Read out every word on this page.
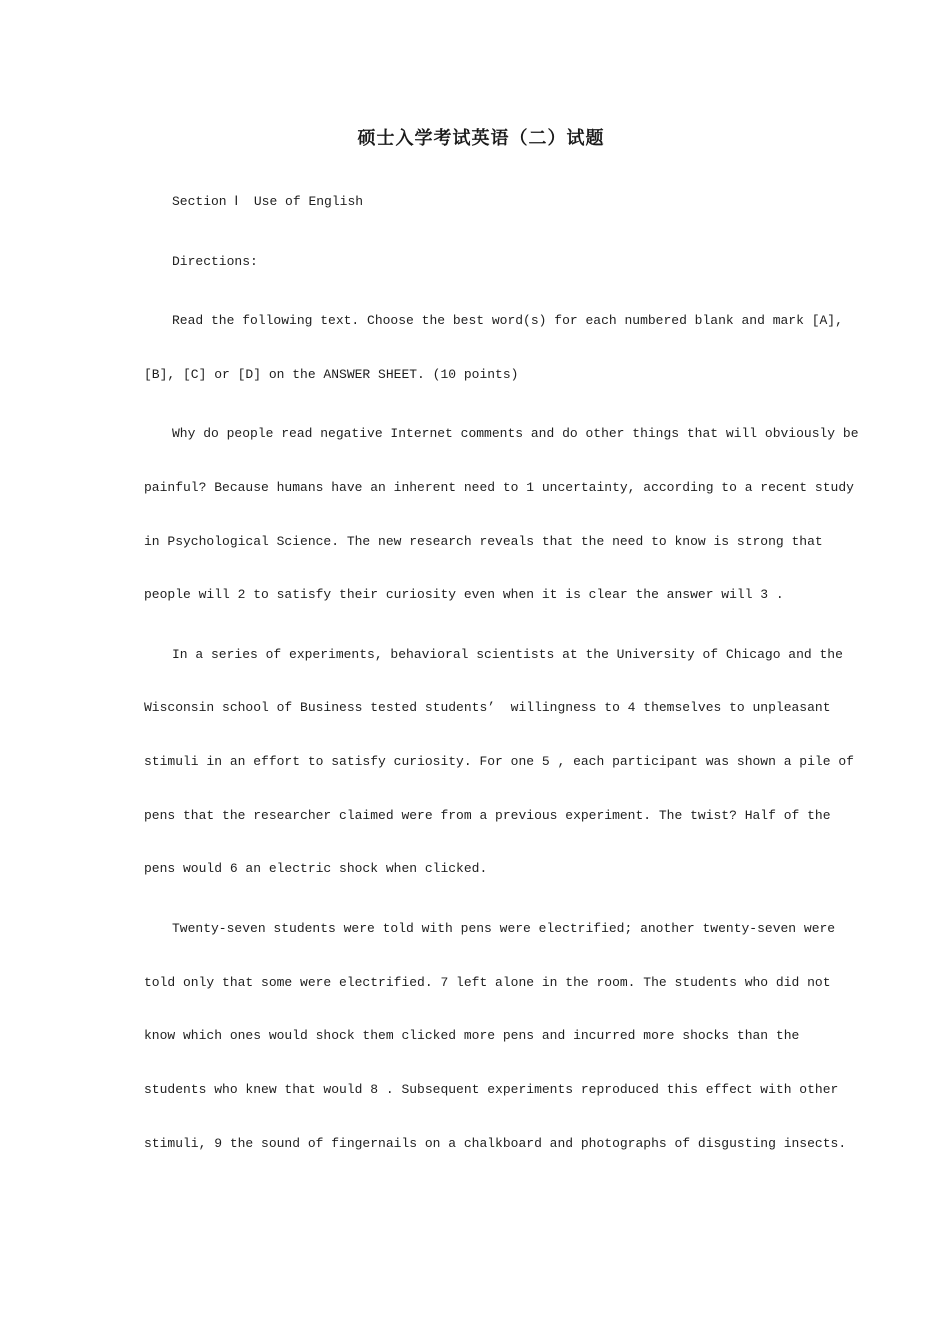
硕士入学考试英语（二）试题
Section Ⅰ  Use of English
Directions:
Read the following text. Choose the best word(s) for each numbered blank and mark [A],
[B], [C] or [D] on the ANSWER SHEET. (10 points)
Why do people read negative Internet comments and do other things that will obviously be
painful? Because humans have an inherent need to 1 uncertainty, according to a recent study
in Psychological Science. The new research reveals that the need to know is strong that
people will 2 to satisfy their curiosity even when it is clear the answer will 3 .
In a series of experiments, behavioral scientists at the University of Chicago and the
Wisconsin school of Business tested students’  willingness to 4 themselves to unpleasant
stimuli in an effort to satisfy curiosity. For one 5 , each participant was shown a pile of
pens that the researcher claimed were from a previous experiment. The twist? Half of the
pens would 6 an electric shock when clicked.
Twenty-seven students were told with pens were electrified; another twenty-seven were
told only that some were electrified. 7 left alone in the room. The students who did not
know which ones would shock them clicked more pens and incurred more shocks than the
students who knew that would 8 . Subsequent experiments reproduced this effect with other
stimuli, 9 the sound of fingernails on a chalkboard and photographs of disgusting insects.
